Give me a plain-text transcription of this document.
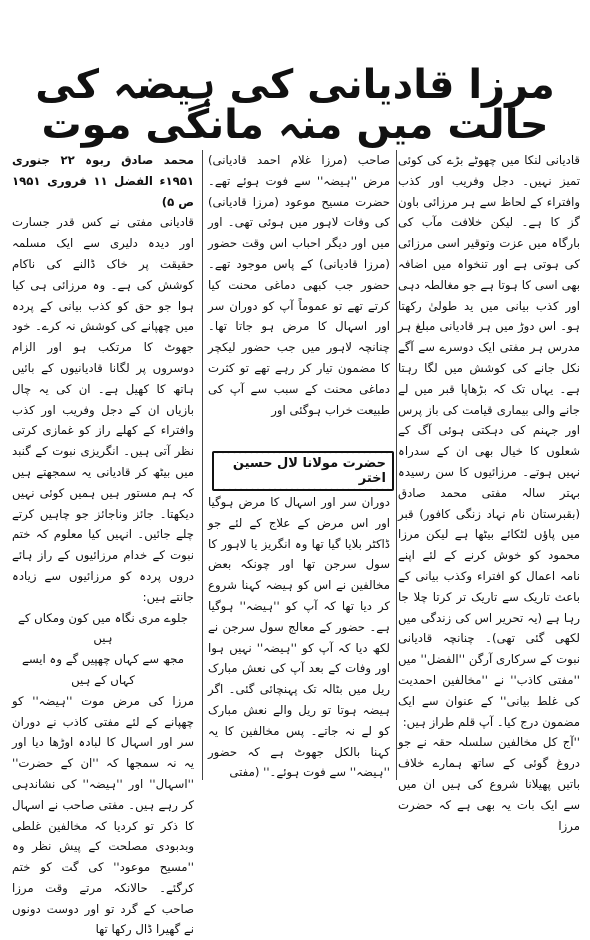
مرزا قادیانی کی ہیضہ کی حالت میں منہ مانگی موت

قادیانی لنکا میں چھوٹے بڑے کی کوئی تمیز نہیں۔ دجل وفریب اور کذب وافتراء کے لحاظ سے ہر مرزائی باون گز کا ہے۔ لیکن خلافت مآب کی بارگاہ میں عزت وتوقیر اسی مرزائی کی ہوتی ہے اور تنخواہ میں اضافہ بھی اسی کا ہوتا ہے جو مغالطہ دہی اور کذب بیانی میں ید طولیٰ رکھتا ہو۔ اس دوڑ میں ہر قادیانی مبلغ ہر مدرس ہر مفتی ایک دوسرے سے آگے نکل جانے کی کوشش میں لگا رہتا ہے۔ یہاں تک کہ بڑھاپا قبر میں لے جانے والی بیماری قیامت کی باز پرس اور جہنم کی دہکتی ہوئی آگ کے شعلوں کا خیال بھی ان کے سدراہ نہیں ہوتے۔ مرزائیوں کا سن رسیدہ بہتر سالہ مفتی محمد صادق (بقبرستان نام نہاد زنگی کافور) قبر میں پاؤں لٹکائے بیٹھا ہے لیکن مرزا محمود کو خوش کرنے کے لئے اپنے نامہ اعمال کو افتراء وکذب بیانی کے باعث تاریک سے تاریک تر کرتا چلا جا رہا ہے (یہ تحریر اس کی زندگی میں لکھی گئی تھی)۔ چنانچہ قادیانی نبوت کے سرکاری آرگن ''الفضل'' میں ''مفتی کاذب'' نے ''مخالفین احمدیت کی غلط بیانی'' کے عنوان سے ایک مضمون درج کیا۔ آپ قلم طراز ہیں:

''آج کل مخالفین سلسلہ حقہ نے جو دروغ گوئی کے ساتھ ہمارے خلاف باتیں پھیلانا شروع کی ہیں ان میں سے ایک بات یہ بھی ہے کہ حضرت مرزا

صاحب (مرزا غلام احمد قادیانی) مرض ''ہیضہ'' سے فوت ہوئے تھے۔ حضرت مسیح موعود (مرزا قادیانی) کی وفات لاہور میں ہوئی تھی۔ اور میں اور دیگر احباب اس وقت حضور (مرزا قادیانی) کے پاس موجود تھے۔ حضور جب کبھی دماغی محنت کیا کرتے تھے تو عموماً آپ کو دوران سر اور اسہال کا مرض ہو جاتا تھا۔ چنانچہ لاہور میں جب حضور لیکچر کا مضمون تیار کر رہے تھے تو کثرت دماغی محنت کے سبب سے آپ کی طبیعت خراب ہوگئی اور

دوران سر اور اسہال کا مرض ہوگیا اور اس مرض کے علاج کے لئے جو ڈاکٹر بلایا گیا تھا وہ انگریز یا لاہور کا سول سرجن تھا اور چونکہ بعض مخالفین نے اس کو ہیضہ کہنا شروع کر دیا تھا کہ آپ کو ''ہیضہ'' ہوگیا ہے۔ حضور کے معالج سول سرجن نے لکھ دیا کہ آپ کو ''ہیضہ'' نہیں ہوا اور وفات کے بعد آپ کی نعش مبارک ریل میں بٹالہ تک پہنچائی گئی۔ اگر ہیضہ ہوتا تو ریل والے نعش مبارک کو لے نہ جاتے۔ پس مخالفین کا یہ کہنا بالکل جھوٹ ہے کہ حضور ''ہیضہ'' سے فوت ہوئے۔'' (مفتی

حضرت مولانا لال حسین اختر

محمد صادق ربوہ ۲۲ جنوری ۱۹۵۱ء الفضل ۱۱ فروری ۱۹۵۱ ص ۵)

قادیانی مفتی نے کس قدر جسارت اور دیدہ دلیری سے ایک مسلمہ حقیقت پر خاک ڈالنے کی ناکام کوشش کی ہے۔ وہ مرزائی ہی کیا ہوا جو حق کو کذب بیانی کے پردہ میں چھپانے کی کوشش نہ کرے۔ خود جھوٹ کا مرتکب ہو اور الزام دوسروں پر لگانا قادیانیوں کے بائیں ہاتھ کا کھیل ہے۔ ان کی یہ چال بازیاں ان کے دجل وفریب اور کذب وافتراء کے کھلے راز کو غمازی کرتی نظر آتی ہیں۔ انگریزی نبوت کے گنبد میں بیٹھ کر قادیانی یہ سمجھتے ہیں کہ ہم مستور ہیں ہمیں کوئی نہیں دیکھتا۔ جائز وناجائز جو چاہیں کرتے چلے جائیں۔ انہیں کیا معلوم کہ ختم نبوت کے خدام مرزائیوں کے راز ہائے دروں پردہ کو مرزائیوں سے زیادہ جانتے ہیں:

جلوے مری نگاہ میں کون ومکاں کے ہیں

مجھ سے کہاں چھپیں گے وہ ایسے کہاں کے ہیں

مرزا کی مرض موت ''ہیضہ'' کو چھپانے کے لئے مفتی کاذب نے دوران سر اور اسہال کا لبادہ اوڑھا دیا اور یہ نہ سمجھا کہ ''ان کے حضرت'' ''اسہال'' اور ''ہیضہ'' کی نشاندہی کر رہے ہیں۔ مفتی صاحب نے اسہال کا ذکر تو کردیا کہ مخالفین غلطی وبدبودی مصلحت کے پیش نظر وہ ''مسیح موعود'' کی گت کو ختم کرگئے۔ حالانکہ مرتے وقت مرزا صاحب کے گرد تو اور دوست دونوں نے گھیرا ڈال رکھا تھا
